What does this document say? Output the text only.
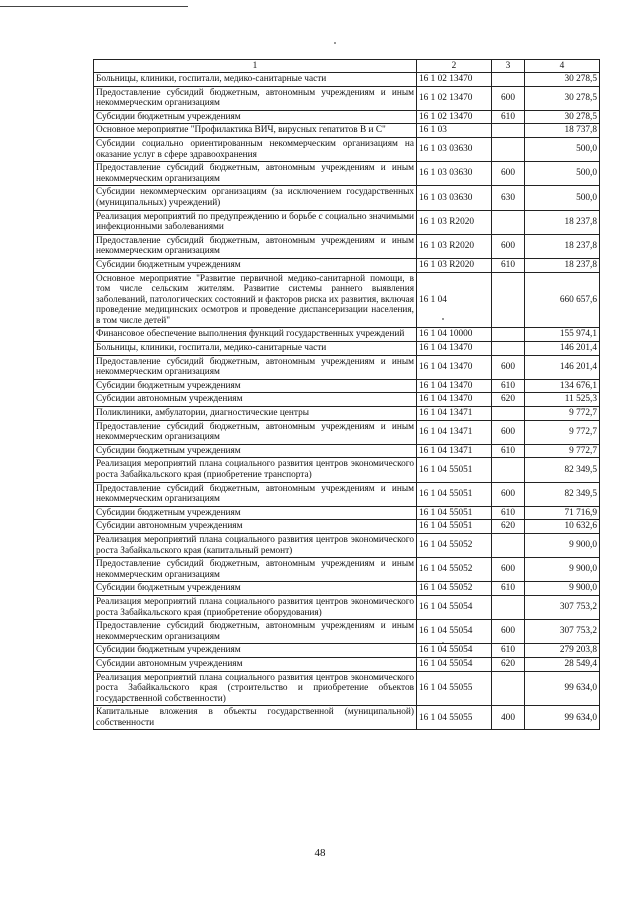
1	2	3	4
Больницы, клиники, госпитали, медико-санитарные части	16 1 02 13470		30 278,5
Предоставление субсидий бюджетным, автономным учреждениям и иным некоммерческим организациям	16 1 02 13470	600	30 278,5
Субсидии бюджетным учреждениям	16 1 02 13470	610	30 278,5
Основное мероприятие "Профилактика ВИЧ, вирусных гепатитов В и С"	16 1 03		18 737,8
Субсидии социально ориентированным некоммерческим организациям на оказание услуг в сфере здравоохранения	16 1 03 03630		500,0
Предоставление субсидий бюджетным, автономным учреждениям и иным некоммерческим организациям	16 1 03 03630	600	500,0
Субсидии некоммерческим организациям (за исключением государственных (муниципальных) учреждений)	16 1 03 03630	630	500,0
Реализация мероприятий по предупреждению и борьбе с социально значимыми инфекционными заболеваниями	16 1 03 R2020		18 237,8
Предоставление субсидий бюджетным, автономным учреждениям и иным некоммерческим организациям	16 1 03 R2020	600	18 237,8
Субсидии бюджетным учреждениям	16 1 03 R2020	610	18 237,8
Основное мероприятие "Развитие первичной медико-санитарной помощи, в том числе сельским жителям. Развитие системы раннего выявления заболеваний, патологических состояний и факторов риска их развития, включая проведение медицинских осмотров и проведение диспансеризации населения, в том числе детей"	16 1 04		660 657,6
Финансовое обеспечение выполнения функций государственных учреждений	16 1 04 10000		155 974,1
Больницы, клиники, госпитали, медико-санитарные части	16 1 04 13470		146 201,4
Предоставление субсидий бюджетным, автономным учреждениям и иным некоммерческим организациям	16 1 04 13470	600	146 201,4
Субсидии бюджетным учреждениям	16 1 04 13470	610	134 676,1
Субсидии автономным учреждениям	16 1 04 13470	620	11 525,3
Поликлиники, амбулатории, диагностические центры	16 1 04 13471		9 772,7
Предоставление субсидий бюджетным, автономным учреждениям и иным некоммерческим организациям	16 1 04 13471	600	9 772,7
Субсидии бюджетным учреждениям	16 1 04 13471	610	9 772,7
Реализация мероприятий плана социального развития центров экономического роста Забайкальского края (приобретение транспорта)	16 1 04 55051		82 349,5
Предоставление субсидий бюджетным, автономным учреждениям и иным некоммерческим организациям	16 1 04 55051	600	82 349,5
Субсидии бюджетным учреждениям	16 1 04 55051	610	71 716,9
Субсидии автономным учреждениям	16 1 04 55051	620	10 632,6
Реализация мероприятий плана социального развития центров экономического роста Забайкальского края (капитальный ремонт)	16 1 04 55052		9 900,0
Предоставление субсидий бюджетным, автономным учреждениям и иным некоммерческим организациям	16 1 04 55052	600	9 900,0
Субсидии бюджетным учреждениям	16 1 04 55052	610	9 900,0
Реализация мероприятий плана социального развития центров экономического роста Забайкальского края (приобретение оборудования)	16 1 04 55054		307 753,2
Предоставление субсидий бюджетным, автономным учреждениям и иным некоммерческим организациям	16 1 04 55054	600	307 753,2
Субсидии бюджетным учреждениям	16 1 04 55054	610	279 203,8
Субсидии автономным учреждениям	16 1 04 55054	620	28 549,4
Реализация мероприятий плана социального развития центров экономического роста Забайкальского края (строительство и приобретение объектов государственной собственности)	16 1 04 55055		99 634,0
Капитальные вложения в объекты государственной (муниципальной) собственности	16 1 04 55055	400	99 634,0
48
